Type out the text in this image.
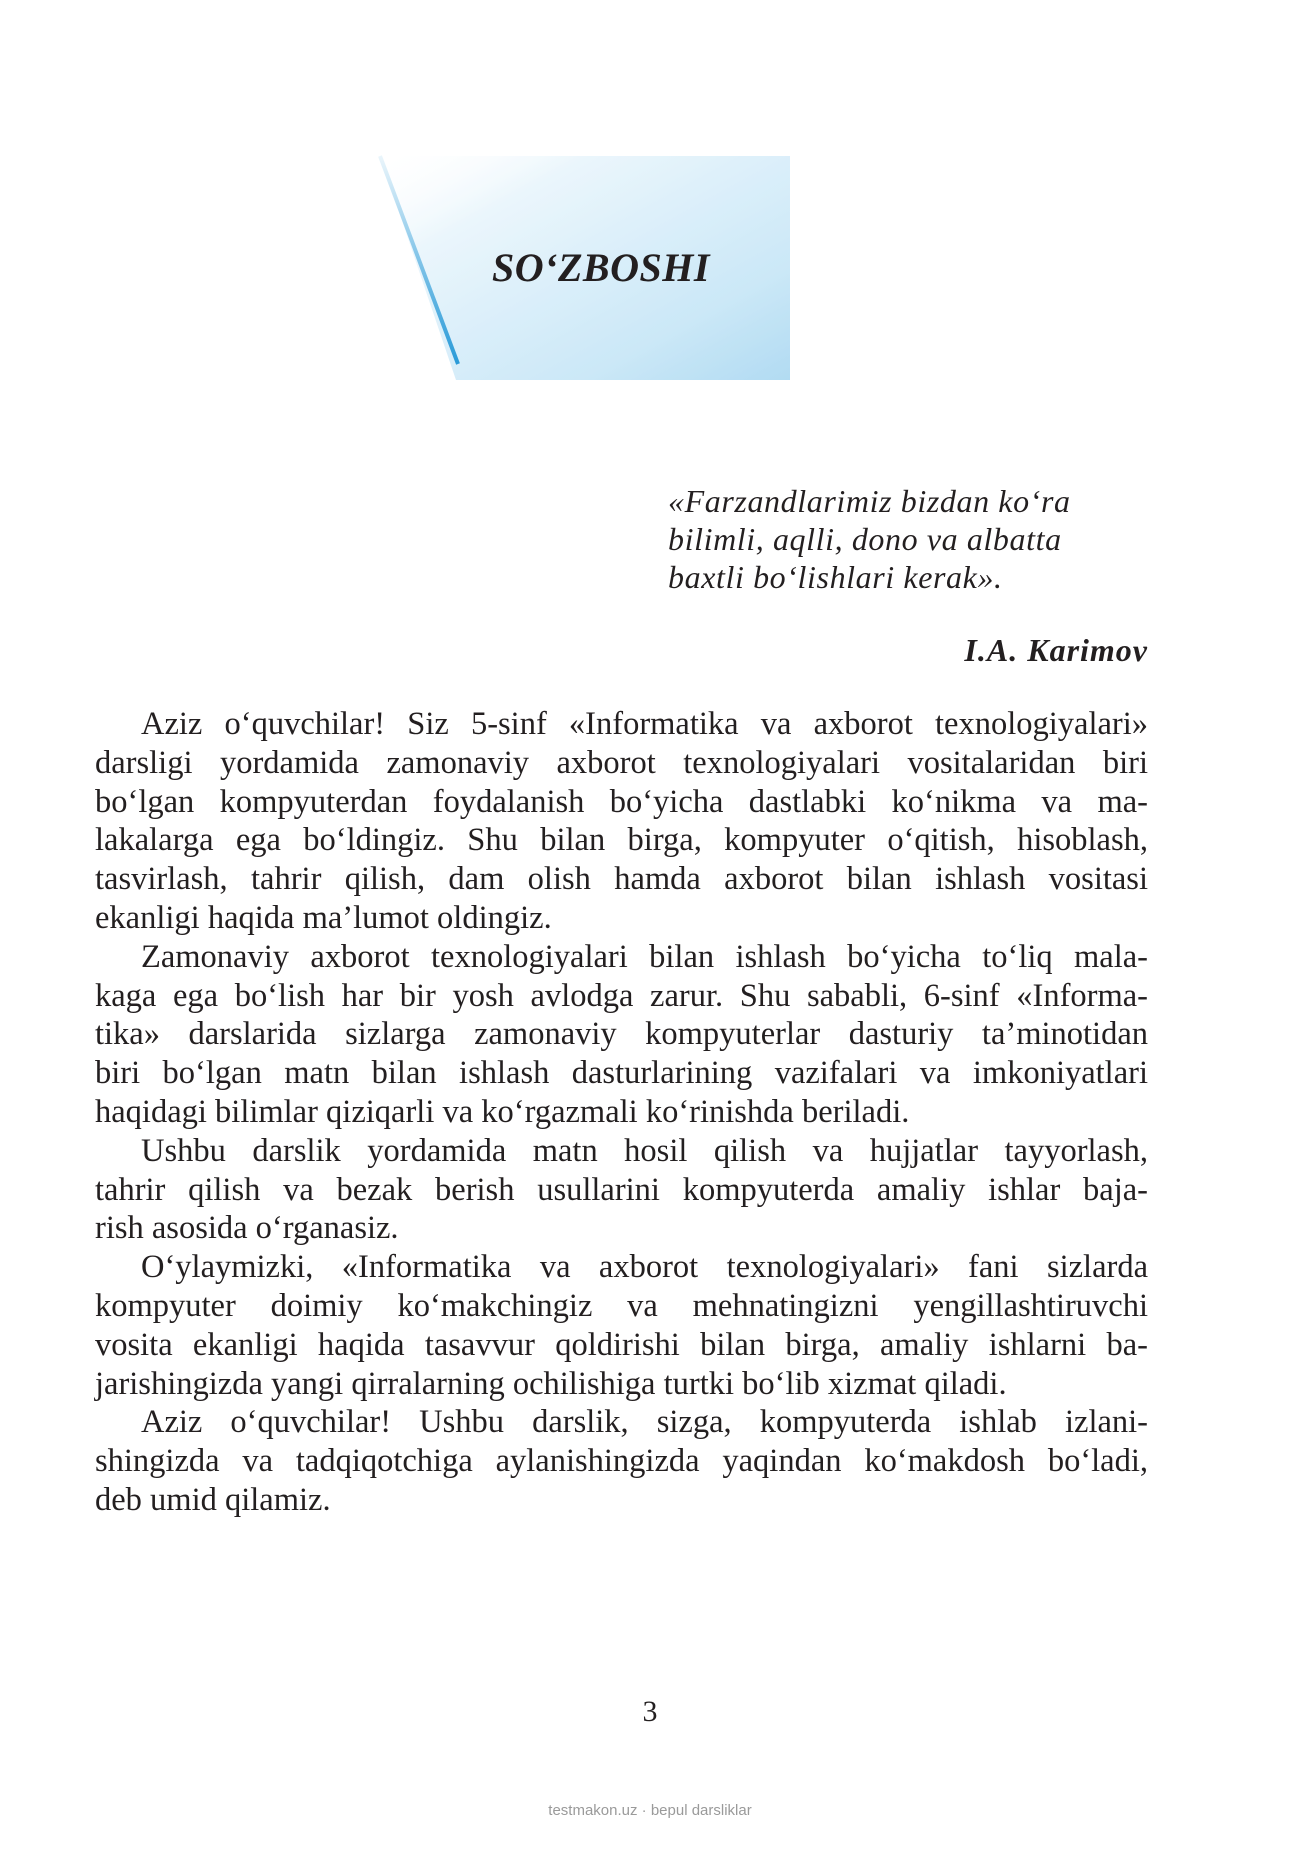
SO‘ZBOSHI
«Farzandlarimiz bizdan ko‘ra
bilimli, aqlli, dono va albatta
baxtli bo‘lishlari kerak».
I.A. Karimov
Aziz o‘quvchilar! Siz 5-sinf «Informatika va axborot texnologiyalari»
darsligi yordamida zamonaviy axborot texnologiyalari vositalaridan biri
bo‘lgan kompyuterdan foydalanish bo‘yicha dastlabki ko‘nikma va ma-
lakalarga ega bo‘ldingiz. Shu bilan birga, kompyuter o‘qitish, hisoblash,
tasvirlash, tahrir qilish, dam olish hamda axborot bilan ishlash vositasi
ekanligi haqida ma’lumot oldingiz.
Zamonaviy axborot texnologiyalari bilan ishlash bo‘yicha to‘liq mala-
kaga ega bo‘lish har bir yosh avlodga zarur. Shu sababli, 6-sinf «Informa-
tika» darslarida sizlarga zamonaviy kompyuterlar dasturiy ta’minotidan
biri bo‘lgan matn bilan ishlash dasturlarining vazifalari va imkoniyatlari
haqidagi bilimlar qiziqarli va ko‘rgazmali ko‘rinishda beriladi.
Ushbu darslik yordamida matn hosil qilish va hujjatlar tayyorlash,
tahrir qilish va bezak berish usullarini kompyuterda amaliy ishlar baja-
rish asosida o‘rganasiz.
O‘ylaymizki, «Informatika va axborot texnologiyalari» fani sizlarda
kompyuter doimiy ko‘makchingiz va mehnatingizni yengillashtiruvchi
vosita ekanligi haqida tasavvur qoldirishi bilan birga, amaliy ishlarni ba-
jarishingizda yangi qirralarning ochilishiga turtki bo‘lib xizmat qiladi.
Aziz o‘quvchilar! Ushbu darslik, sizga, kompyuterda ishlab izlani-
shingizda va tadqiqotchiga aylanishingizda yaqindan ko‘makdosh bo‘ladi,
deb umid qilamiz.
3
testmakon.uz · bepul darsliklar
